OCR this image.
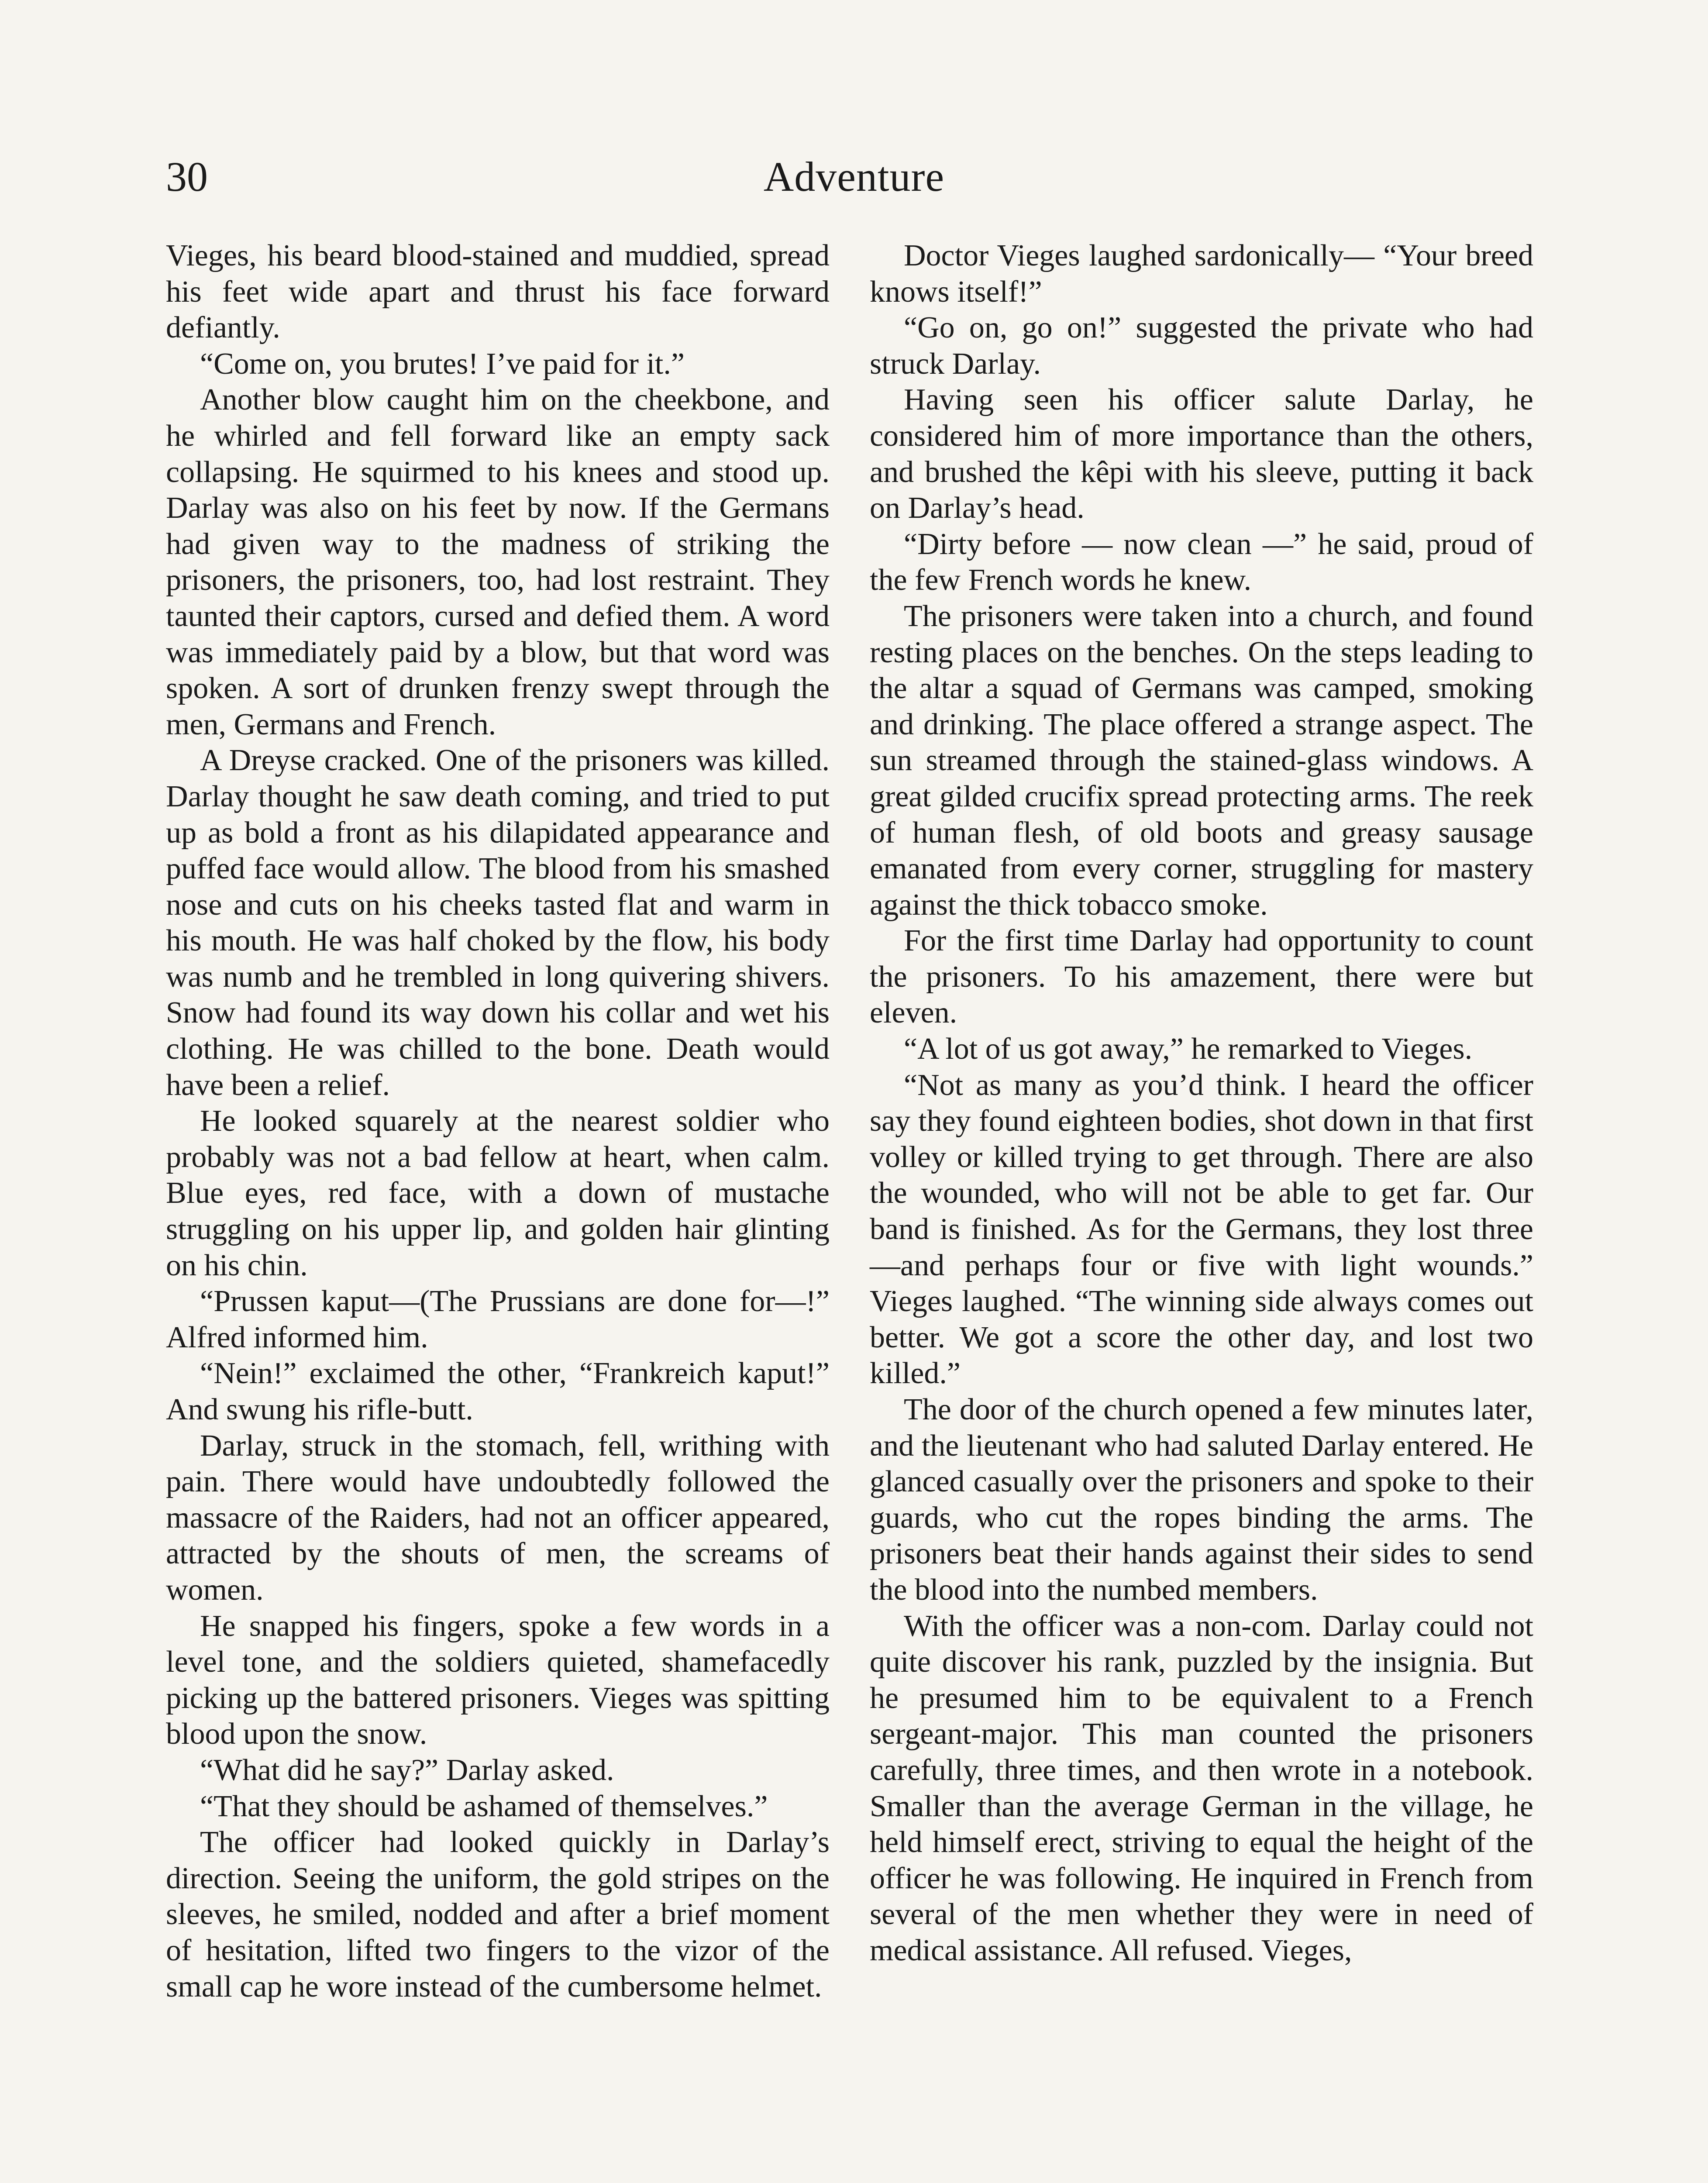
30	Adventure

Vieges, his beard blood-stained and muddied, spread his feet wide apart and thrust his face forward defiantly.

“Come on, you brutes! I’ve paid for it.”

Another blow caught him on the cheekbone, and he whirled and fell forward like an empty sack collapsing. He squirmed to his knees and stood up. Darlay was also on his feet by now. If the Germans had given way to the madness of striking the prisoners, the prisoners, too, had lost restraint. They taunted their captors, cursed and defied them. A word was immediately paid by a blow, but that word was spoken. A sort of drunken frenzy swept through the men, Germans and French.

A Dreyse cracked. One of the prisoners was killed. Darlay thought he saw death coming, and tried to put up as bold a front as his dilapidated appearance and puffed face would allow. The blood from his smashed nose and cuts on his cheeks tasted flat and warm in his mouth. He was half choked by the flow, his body was numb and he trembled in long quivering shivers. Snow had found its way down his collar and wet his clothing. He was chilled to the bone. Death would have been a relief.

He looked squarely at the nearest soldier who probably was not a bad fellow at heart, when calm. Blue eyes, red face, with a down of mustache struggling on his upper lip, and golden hair glinting on his chin.

“Prussen kaput—(The Prussians are done for—!” Alfred informed him.

“Nein!” exclaimed the other, “Frankreich kaput!” And swung his rifle-butt.

Darlay, struck in the stomach, fell, writhing with pain. There would have undoubtedly followed the massacre of the Raiders, had not an officer appeared, attracted by the shouts of men, the screams of women.

He snapped his fingers, spoke a few words in a level tone, and the soldiers quieted, shamefacedly picking up the battered prisoners. Vieges was spitting blood upon the snow.

“What did he say?” Darlay asked.

“That they should be ashamed of themselves.”

The officer had looked quickly in Darlay’s direction. Seeing the uniform, the gold stripes on the sleeves, he smiled, nodded and after a brief moment of hesitation, lifted two fingers to the vizor of the small cap he wore instead of the cumbersome helmet.

Doctor Vieges laughed sardonically— “Your breed knows itself!”

“Go on, go on!” suggested the private who had struck Darlay.

Having seen his officer salute Darlay, he considered him of more importance than the others, and brushed the kêpi with his sleeve, putting it back on Darlay’s head.

“Dirty before — now clean —” he said, proud of the few French words he knew.

The prisoners were taken into a church, and found resting places on the benches. On the steps leading to the altar a squad of Germans was camped, smoking and drinking. The place offered a strange aspect. The sun streamed through the stained-glass windows. A great gilded crucifix spread protecting arms. The reek of human flesh, of old boots and greasy sausage emanated from every corner, struggling for mastery against the thick tobacco smoke.

For the first time Darlay had opportunity to count the prisoners. To his amazement, there were but eleven.

“A lot of us got away,” he remarked to Vieges.

“Not as many as you’d think. I heard the officer say they found eighteen bodies, shot down in that first volley or killed trying to get through. There are also the wounded, who will not be able to get far. Our band is finished. As for the Germans, they lost three—and perhaps four or five with light wounds.” Vieges laughed. “The winning side always comes out better. We got a score the other day, and lost two killed.”

The door of the church opened a few minutes later, and the lieutenant who had saluted Darlay entered. He glanced casually over the prisoners and spoke to their guards, who cut the ropes binding the arms. The prisoners beat their hands against their sides to send the blood into the numbed members.

With the officer was a non-com. Darlay could not quite discover his rank, puzzled by the insignia. But he presumed him to be equivalent to a French sergeant-major. This man counted the prisoners carefully, three times, and then wrote in a notebook. Smaller than the average German in the village, he held himself erect, striving to equal the height of the officer he was following. He inquired in French from several of the men whether they were in need of medical assistance. All refused. Vieges,
